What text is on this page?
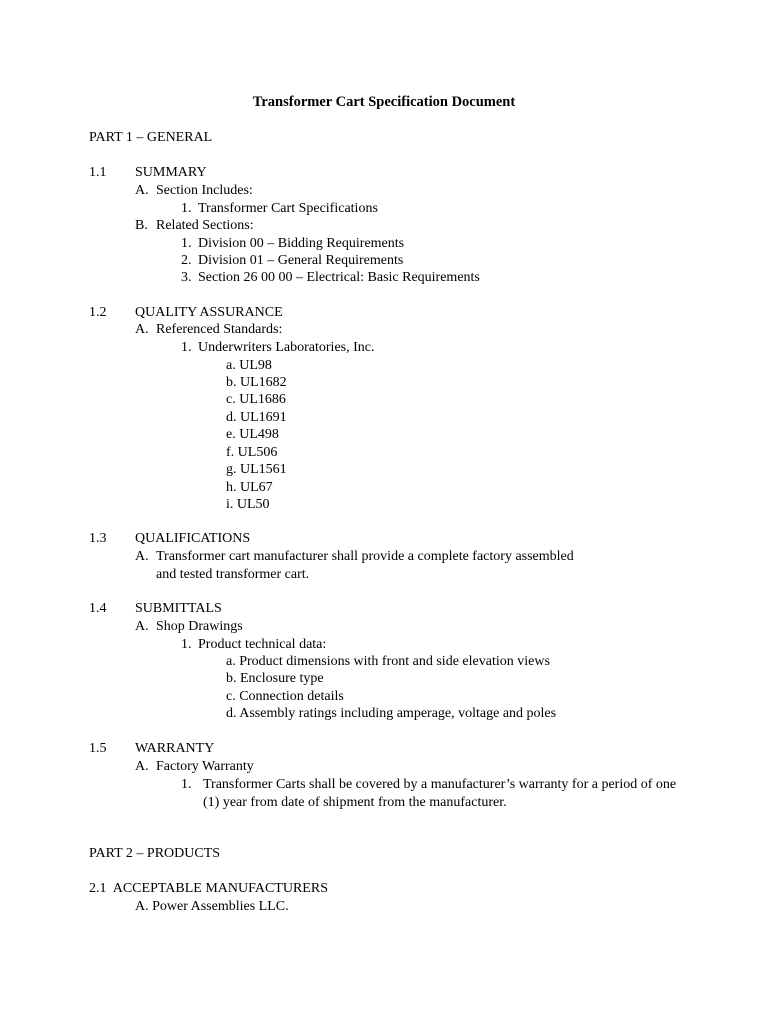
Transformer Cart Specification Document
PART 1 – GENERAL
1.1 SUMMARY
A. Section Includes:
1. Transformer Cart Specifications
B. Related Sections:
1. Division 00 – Bidding Requirements
2. Division 01 – General Requirements
3. Section 26 00 00 – Electrical: Basic Requirements
1.2 QUALITY ASSURANCE
A. Referenced Standards:
1. Underwriters Laboratories, Inc.
a. UL98
b. UL1682
c. UL1686
d. UL1691
e. UL498
f. UL506
g. UL1561
h. UL67
i. UL50
1.3 QUALIFICATIONS
A. Transformer cart manufacturer shall provide a complete factory assembled
and tested transformer cart.
1.4 SUBMITTALS
A. Shop Drawings
1. Product technical data:
a. Product dimensions with front and side elevation views
b. Enclosure type
c. Connection details
d. Assembly ratings including amperage, voltage and poles
1.5 WARRANTY
A. Factory Warranty
1. Transformer Carts shall be covered by a manufacturer’s warranty for a period of one
(1) year from date of shipment from the manufacturer.
PART 2 – PRODUCTS
2.1  ACCEPTABLE MANUFACTURERS
A. Power Assemblies LLC.
